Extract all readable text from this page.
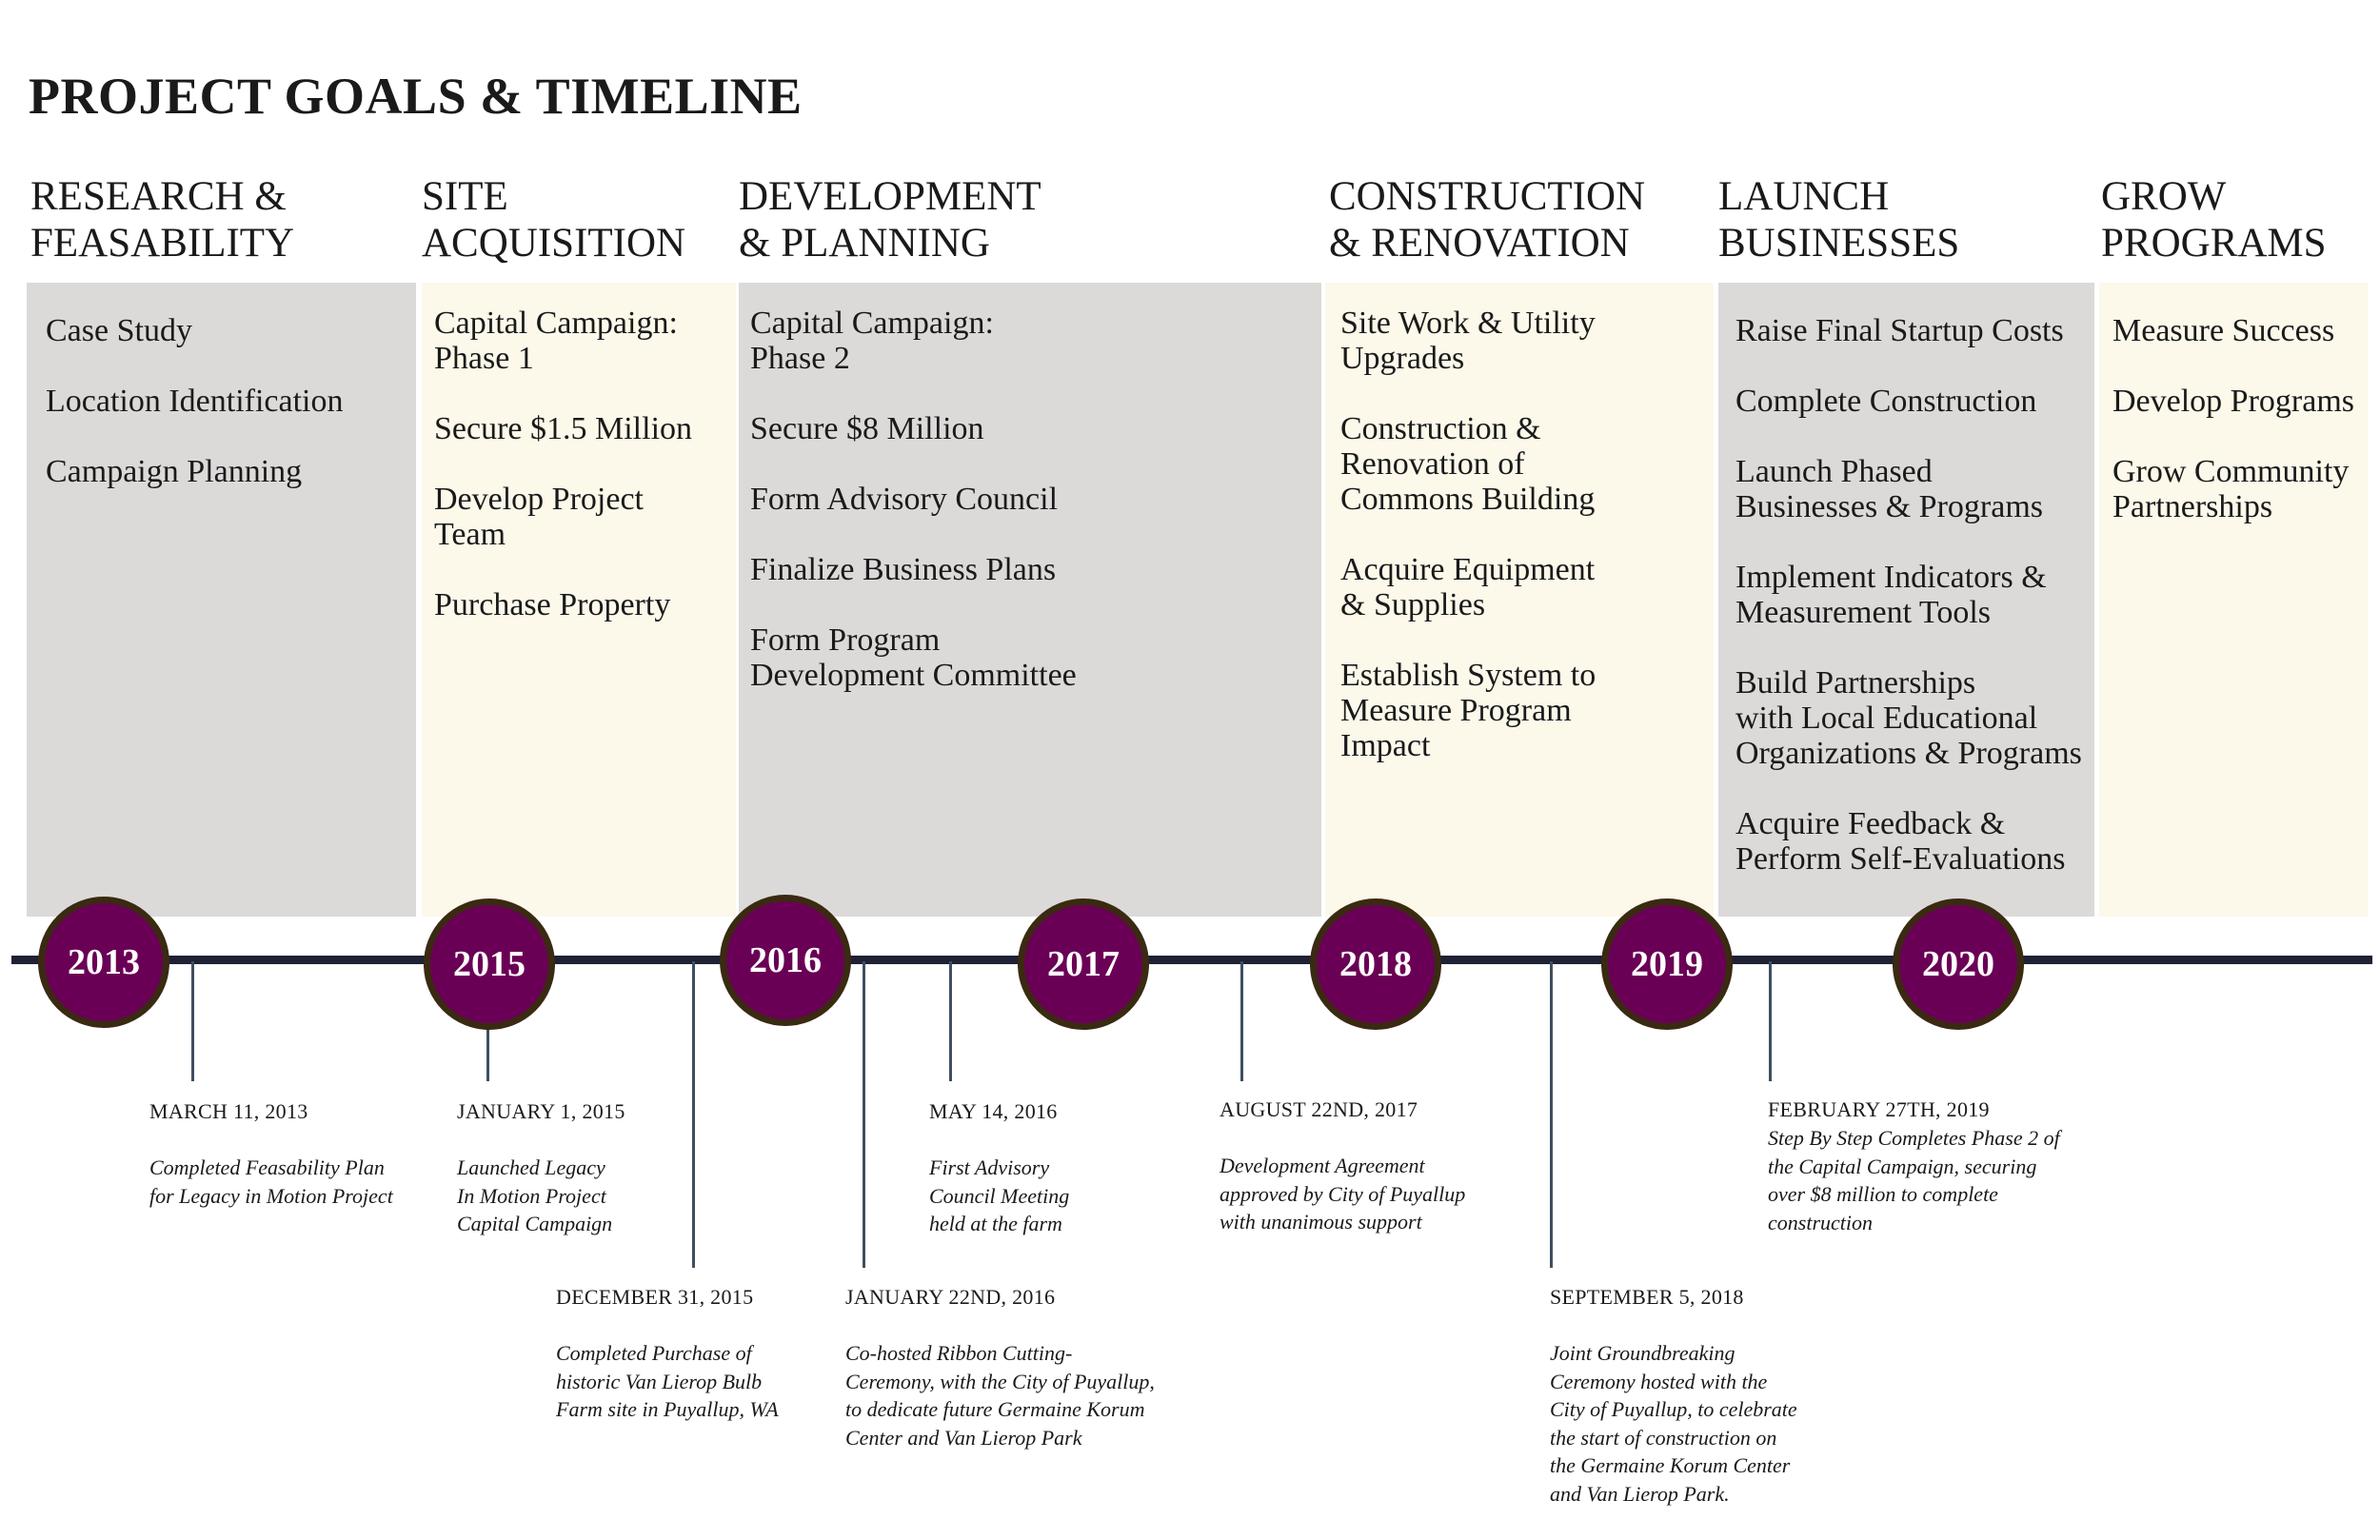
PROJECT GOALS & TIMELINE
RESEARCH &
FEASABILITY
SITE
ACQUISITION
DEVELOPMENT
& PLANNING
CONSTRUCTION
& RENOVATION
LAUNCH
BUSINESSES
GROW
PROGRAMS
Case Study
Location Identification
Campaign Planning
Capital Campaign:
Phase 1
Secure $1.5 Million
Develop Project
Team
Purchase Property
Capital Campaign:
Phase 2
Secure $8 Million
Form Advisory Council
Finalize Business Plans
Form Program
Development Committee
Site Work & Utility
Upgrades
Construction &
Renovation of
Commons Building
Acquire Equipment
& Supplies
Establish System to
Measure Program
Impact
Raise Final Startup Costs
Complete Construction
Launch Phased
Businesses & Programs
Implement Indicators &
Measurement Tools
Build Partnerships
with Local Educational
Organizations & Programs
Acquire Feedback &
Perform Self-Evaluations
Measure Success
Develop Programs
Grow Community
Partnerships
2013	2015	2016	2017	2018	2019	2020
MARCH 11, 2013
Completed Feasability Plan
for Legacy in Motion Project
JANUARY 1, 2015
Launched Legacy
In Motion Project
Capital Campaign
DECEMBER 31, 2015
Completed Purchase of
historic Van Lierop Bulb
Farm site in Puyallup, WA
JANUARY 22ND, 2016
Co-hosted Ribbon Cutting-
Ceremony, with the City of Puyallup,
to dedicate future Germaine Korum
Center and Van Lierop Park
MAY 14, 2016
First Advisory
Council Meeting
held at the farm
AUGUST 22ND, 2017
Development Agreement
approved by City of Puyallup
with unanimous support
SEPTEMBER 5, 2018
Joint Groundbreaking
Ceremony hosted with the
City of Puyallup, to celebrate
the start of construction on
the Germaine Korum Center
and Van Lierop Park.
FEBRUARY 27TH, 2019
Step By Step Completes Phase 2 of
the Capital Campaign, securing
over $8 million to complete
construction
